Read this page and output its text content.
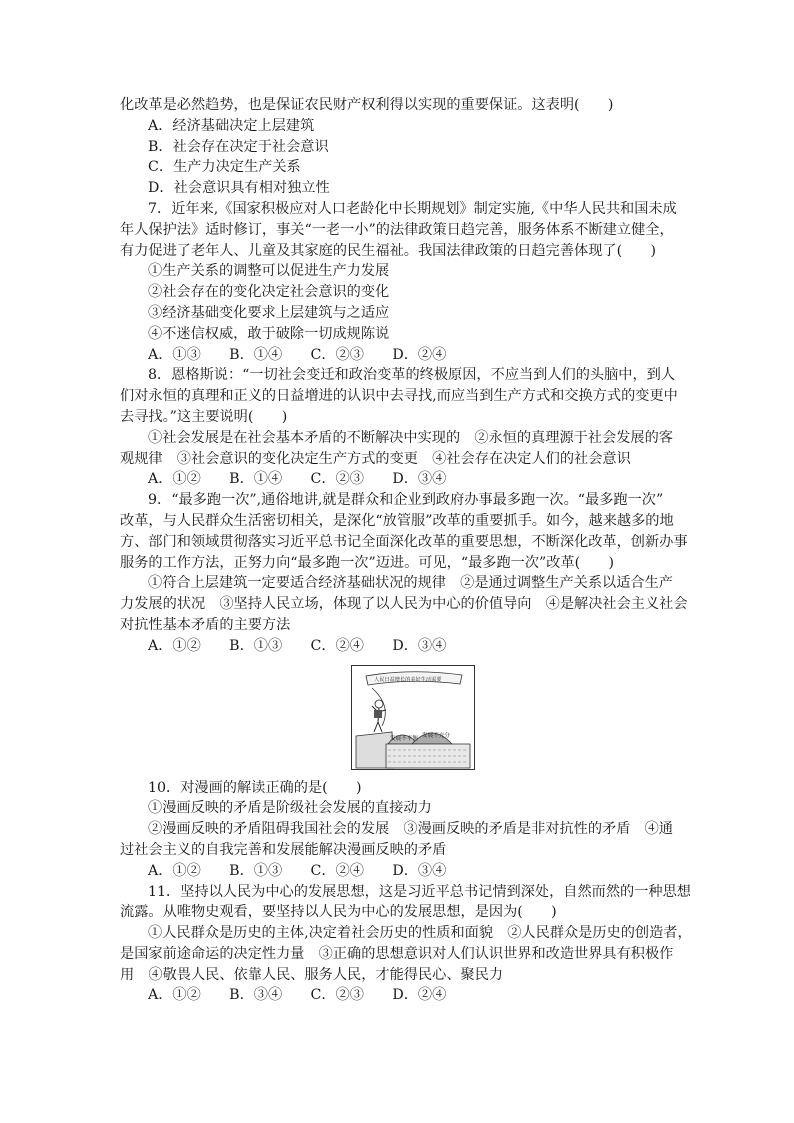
化改革是必然趋势，也是保证农民财产权利得以实现的重要保证。这表明(　　)
A．经济基础决定上层建筑
B．社会存在决定于社会意识
C．生产力决定生产关系
D．社会意识具有相对独立性
7．近年来,《国家积极应对人口老龄化中长期规划》制定实施,《中华人民共和国未成
年人保护法》适时修订，事关“一老一小”的法律政策日趋完善，服务体系不断建立健全，
有力促进了老年人、儿童及其家庭的民生福祉。我国法律政策的日趋完善体现了(　　)
①生产关系的调整可以促进生产力发展
②社会存在的变化决定社会意识的变化
③经济基础变化要求上层建筑与之适应
④不迷信权威，敢于破除一切成规陈说
A．①③　　B．①④　　C．②③　　D．②④
8．恩格斯说：“一切社会变迁和政治变革的终极原因，不应当到人们的头脑中，到人
们对永恒的真理和正义的日益增进的认识中去寻找,而应当到生产方式和交换方式的变更中
去寻找。”这主要说明(　　)
①社会发展是在社会基本矛盾的不断解决中实现的　②永恒的真理源于社会发展的客
观规律　③社会意识的变化决定生产方式的变更　④社会存在决定人们的社会意识
A．①②　　B．①④　　C．②③　　D．③④
9．“最多跑一次”,通俗地讲,就是群众和企业到政府办事最多跑一次。“最多跑一次”
改革，与人民群众生活密切相关，是深化“放管服”改革的重要抓手。如今，越来越多的地
方、部门和领域贯彻落实习近平总书记全面深化改革的重要思想，不断深化改革，创新办事
服务的工作方法，正努力向“最多跑一次”迈进。可见，“最多跑一次”改革(　　)
①符合上层建筑一定要适合经济基础状况的规律　②是通过调整生产关系以适合生产
力发展的状况　③坚持人民立场，体现了以人民为中心的价值导向　④是解决社会主义社会
对抗性基本矛盾的主要方法
A．①②　　B．①③　　C．②④　　D．③④
人民日益增长的美好生活需要
发展不平衡 发展不充分
10．对漫画的解读正确的是(　　)
①漫画反映的矛盾是阶级社会发展的直接动力
②漫画反映的矛盾阻碍我国社会的发展　③漫画反映的矛盾是非对抗性的矛盾　④通
过社会主义的自我完善和发展能解决漫画反映的矛盾
A．①②　　B．①③　　C．②④　　D．③④
11．坚持以人民为中心的发展思想，这是习近平总书记情到深处，自然而然的一种思想
流露。从唯物史观看，要坚持以人民为中心的发展思想，是因为(　　)
①人民群众是历史的主体,决定着社会历史的性质和面貌　②人民群众是历史的创造者，
是国家前途命运的决定性力量　③正确的思想意识对人们认识世界和改造世界具有积极作
用　④敬畏人民、依靠人民、服务人民，才能得民心、聚民力
A．①②　　B．③④　　C．②③　　D．②④
